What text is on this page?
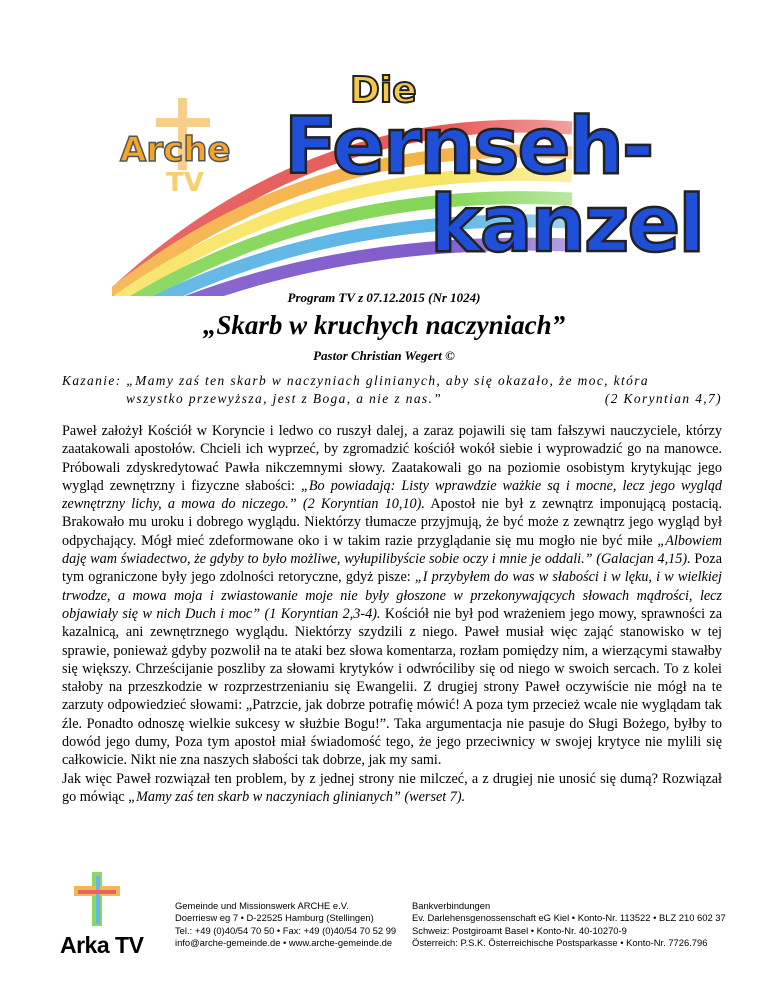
Arche
TV
Die
Fernseh-
kanzel
Program TV z 07.12.2015 (Nr 1024)
„Skarb w kruchych naczyniach”
Pastor Christian Wegert ©
Kazanie: „Mamy zaś ten skarb w naczyniach glinianych, aby się okazało, że moc, która
wszystko przewyższa, jest z Boga, a nie z nas.”	(2 Koryntian 4,7)

Paweł założył Kościół w Koryncie i ledwo co ruszył dalej, a zaraz pojawili się tam fałszywi nauczyciele, którzy zaatakowali apostołów. Chcieli ich wyprzeć, by zgromadzić kościół wokół siebie i wyprowadzić go na manowce. Próbowali zdyskredytować Pawła nikczemnymi słowy. Zaatakowali go na poziomie osobistym krytykując jego wygląd zewnętrzny i fizyczne słabości: „Bo powiadają: Listy wprawdzie ważkie są i mocne, lecz jego wygląd zewnętrzny lichy, a mowa do niczego.” (2 Koryntian 10,10). Apostoł nie był z zewnątrz imponującą postacią. Brakowało mu uroku i dobrego wyglądu. Niektórzy tłumacze przyjmują, że być może z zewnątrz jego wygląd był odpychający. Mógł mieć zdeformowane oko i w takim razie przyglądanie się mu mogło nie być miłe „Albowiem daję wam świadectwo, że gdyby to było możliwe, wyłupilibyście sobie oczy i mnie je oddali.” (Galacjan 4,15). Poza tym ograniczone były jego zdolności retoryczne, gdyż pisze: „I przybyłem do was w słabości i w lęku, i w wielkiej trwodze, a mowa moja i zwiastowanie moje nie były głoszone w przekonywających słowach mądrości, lecz objawiały się w nich Duch i moc” (1 Koryntian 2,3-4). Kościół nie był pod wrażeniem jego mowy, sprawności za kazalnicą, ani zewnętrznego wyglądu. Niektórzy szydzili z niego. Paweł musiał więc zająć stanowisko w tej sprawie, ponieważ gdyby pozwolił na te ataki bez słowa komentarza, rozłam pomiędzy nim, a wierzącymi stawałby się większy. Chrześcijanie poszliby za słowami krytyków i odwróciliby się od niego w swoich sercach. To z kolei stałoby na przeszkodzie w rozprzestrzenianiu się Ewangelii. Z drugiej strony Paweł oczywiście nie mógł na te zarzuty odpowiedzieć słowami: „Patrzcie, jak dobrze potrafię mówić! A poza tym przecież wcale nie wyglądam tak źle. Ponadto odnoszę wielkie sukcesy w służbie Bogu!”. Taka argumentacja nie pasuje do Sługi Bożego, byłby to dowód jego dumy, Poza tym apostoł miał świadomość tego, że jego przeciwnicy w swojej krytyce nie mylili się całkowicie. Nikt nie zna naszych słabości tak dobrze, jak my sami.

Jak więc Paweł rozwiązał ten problem, by z jednej strony nie milczeć, a z drugiej nie unosić się dumą? Rozwiązał go mówiąc „Mamy zaś ten skarb w naczyniach glinianych” (werset 7).

Arka TV
Gemeinde und Missionswerk ARCHE e.V.
Doerriesw eg 7 • D-22525 Hamburg (Stellingen)
Tel.: +49 (0)40/54 70 50 • Fax: +49 (0)40/54 70 52 99
info@arche-gemeinde.de • www.arche-gemeinde.de
Bankverbindungen
Ev. Darlehensgenossenschaft eG Kiel • Konto-Nr. 113522 • BLZ 210 602 37
Schweiz: Postgiroamt Basel • Konto-Nr. 40-10270-9
Österreich: P.S.K. Österreichische Postsparkasse • Konto-Nr. 7726.796
